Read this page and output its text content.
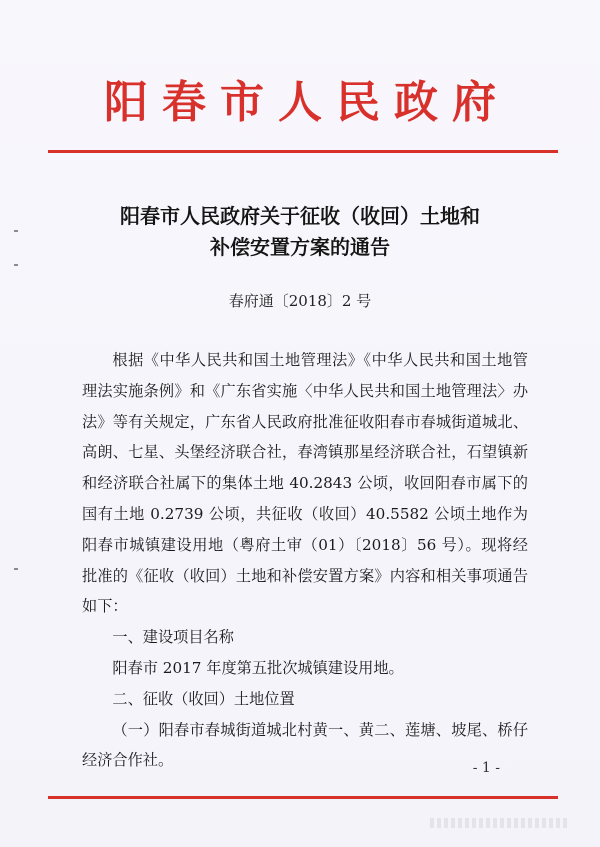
阳春市人民政府
阳春市人民政府关于征收（收回）土地和
补偿安置方案的通告
春府通〔2018〕2 号

根据《中华人民共和国土地管理法》《中华人民共和国土地管理法实施条例》和《广东省实施〈中华人民共和国土地管理法〉办法》等有关规定，广东省人民政府批准征收阳春市春城街道城北、高朗、七星、头堡经济联合社，春湾镇那星经济联合社，石望镇新和经济联合社属下的集体土地 40.2843 公顷，收回阳春市属下的国有土地 0.2739 公顷，共征收（收回）40.5582 公顷土地作为阳春市城镇建设用地（粤府土审（01）〔2018〕56 号）。现将经批准的《征收（收回）土地和补偿安置方案》内容和相关事项通告如下：

一、建设项目名称

阳春市 2017 年度第五批次城镇建设用地。

二、征收（收回）土地位置

（一）阳春市春城街道城北村黄一、黄二、莲塘、坡尾、桥仔经济合作社。	- 1 -
